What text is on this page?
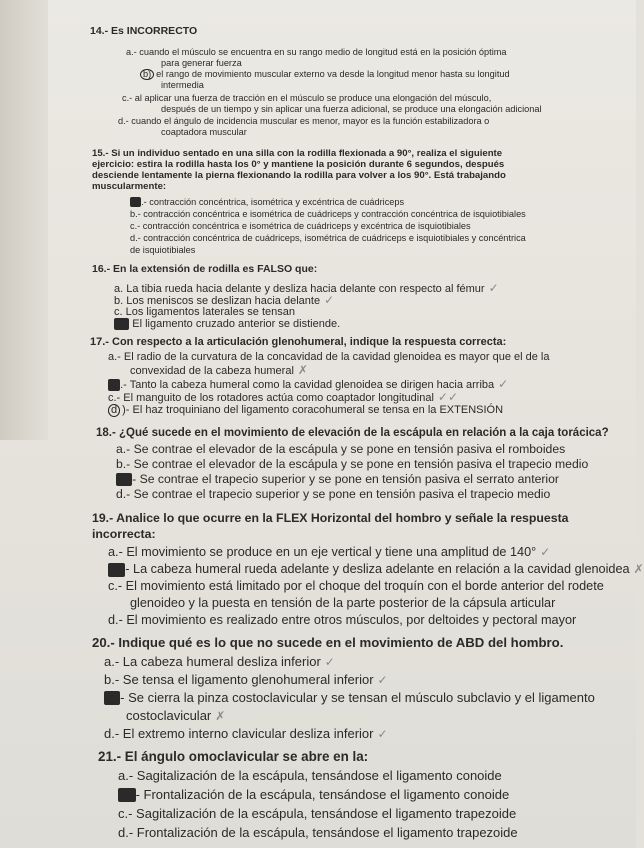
14.- Es INCORRECTO
a.- cuando el músculo se encuentra en su rango medio de longitud está en la posición óptima
para generar fuerza
b) el rango de movimiento muscular externo va desde la longitud menor hasta su longitud
intermedia
c.- al aplicar una fuerza de tracción en el músculo se produce una elongación del músculo,
después de un tiempo y sin aplicar una fuerza adicional, se produce una elongación adicional
d.- cuando el ángulo de incidencia muscular es menor, mayor es la función estabilizadora o
coaptadora muscular
15.- Si un individuo sentado en una silla con la rodilla flexionada a 90°, realiza el siguiente
ejercicio: estira la rodilla hasta los 0° y mantiene la posición durante 6 segundos, después
desciende lentamente la pierna flexionando la rodilla para volver a los 90°. Está trabajando
muscularmente:
a .- contracción concéntrica, isométrica y excéntrica de cuádriceps
b.- contracción concéntrica e isométrica de cuádriceps y contracción concéntrica de isquiotibiales
c.- contracción concéntrica e isométrica de cuádriceps y excéntrica de isquiotibiales
d.- contracción concéntrica de cuádriceps, isométrica de cuádriceps e isquiotibiales y concéntrica
de isquiotibiales
16.- En la extensión de rodilla es FALSO que:
a. La tibia rueda hacia delante y desliza hacia delante con respecto al fémur ✓
b. Los meniscos se deslizan hacia delante ✓
c. Los ligamentos laterales se tensan
d. El ligamento cruzado anterior se distiende.
17.- Con respecto a la articulación glenohumeral, indique la respuesta correcta:
a.- El radio de la curvatura de la concavidad de la cavidad glenoidea es mayor que el de la
convexidad de la cabeza humeral ✗
b .- Tanto la cabeza humeral como la cavidad glenoidea se dirigen hacia arriba ✓
c.- El manguito de los rotadores actúa como coaptador longitudinal ✓✓
d )- El haz troquiniano del ligamento coracohumeral se tensa en la EXTENSIÓN
18.- ¿Qué sucede en el movimiento de elevación de la escápula en relación a la caja torácica?
a.- Se contrae el elevador de la escápula y se pone en tensión pasiva el romboides
b.- Se contrae el elevador de la escápula y se pone en tensión pasiva el trapecio medio
c) - Se contrae el trapecio superior y se pone en tensión pasiva el serrato anterior
d.- Se contrae el trapecio superior y se pone en tensión pasiva el trapecio medio
19.- Analice lo que ocurre en la FLEX Horizontal del hombro y señale la respuesta
incorrecta:
a.- El movimiento se produce en un eje vertical y tiene una amplitud de 140° ✓
b) - La cabeza humeral rueda adelante y desliza adelante en relación a la cavidad glenoidea ✗
c.- El movimiento está limitado por el choque del troquín con el borde anterior del rodete
glenoideo y la puesta en tensión de la parte posterior de la cápsula articular
d.- El movimiento es realizado entre otros músculos, por deltoides y pectoral mayor
20.- Indique qué es lo que no sucede en el movimiento de ABD del hombro.
a.- La cabeza humeral desliza inferior ✓
b.- Se tensa el ligamento glenohumeral inferior ✓
c. - Se cierra la pinza costoclavicular y se tensan el músculo subclavio y el ligamento
costoclavicular ✗
d.- El extremo interno clavicular desliza inferior ✓
21.- El ángulo omoclavicular se abre en la:
a.- Sagitalización de la escápula, tensándose el ligamento conoide
b) - Frontalización de la escápula, tensándose el ligamento conoide
c.- Sagitalización de la escápula, tensándose el ligamento trapezoide
d.- Frontalización de la escápula, tensándose el ligamento trapezoide
